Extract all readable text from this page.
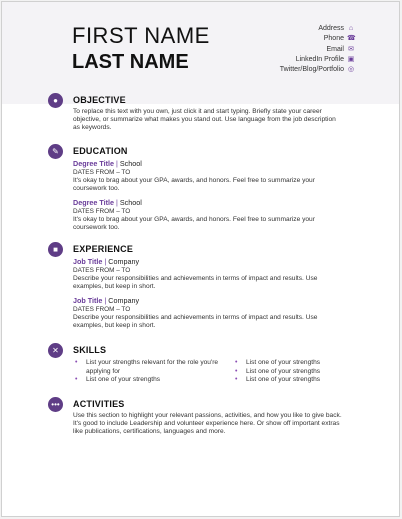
FIRST NAME
LAST NAME
Address ⌂
Phone ☎
Email ✉
LinkedIn Profile ▣
Twitter/Blog/Portfolio ◎
●	OBJECTIVE
To replace this text with you own, just click it and start typing. Briefly state your career objective, or summarize what makes you stand out. Use language from the job description as keywords.
✎	EDUCATION
Degree Title | School
DATES FROM – TO
It's okay to brag about your GPA, awards, and honors. Feel free to summarize your coursework too.
Degree Title | School
DATES FROM – TO
It's okay to brag about your GPA, awards, and honors. Feel free to summarize your coursework too.
■	EXPERIENCE
Job Title | Company
DATES FROM – TO
Describe your responsibilities and achievements in terms of impact and results. Use examples, but keep in short.
Job Title | Company
DATES FROM – TO
Describe your responsibilities and achievements in terms of impact and results. Use examples, but keep in short.
✕	SKILLS
• List your strengths relevant for the role you're applying for
• List one of your strengths
• List one of your strengths
• List one of your strengths
• List one of your strengths
•••	ACTIVITIES
Use this section to highlight your relevant passions, activities, and how you like to give back. It's good to include Leadership and volunteer experience here. Or show off important extras like publications, certifications, languages and more.
